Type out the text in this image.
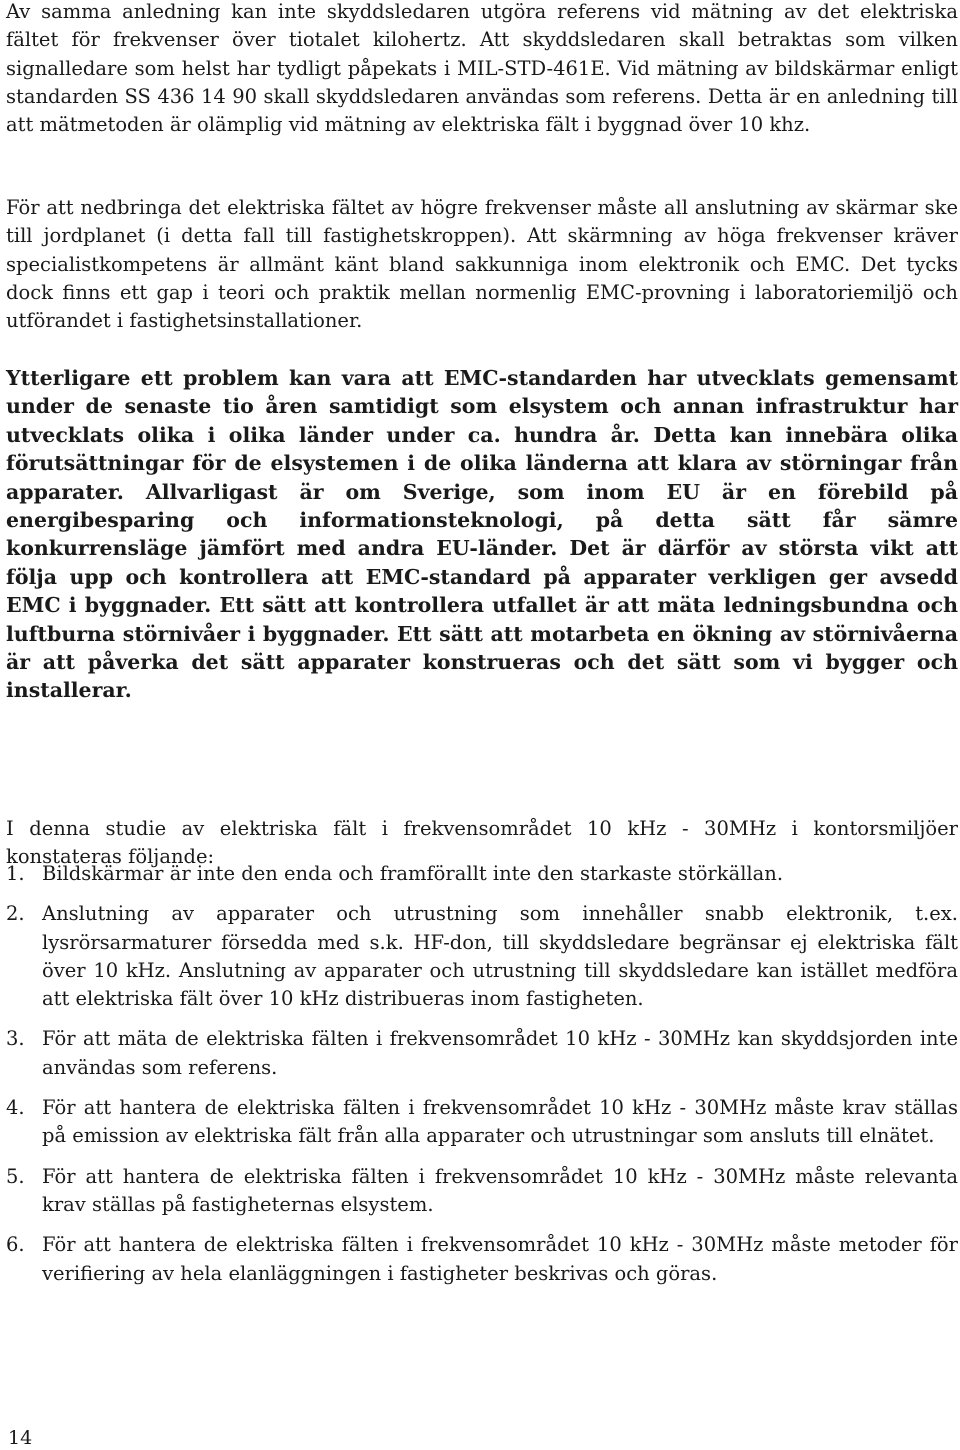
Av samma anledning kan inte skyddsledaren utgöra referens vid mätning av det elektriska fältet för frekvenser över tiotalet kilohertz. Att skyddsledaren skall betraktas som vilken signalledare som helst har tydligt påpekats i MIL-STD-461E. Vid mätning av bildskärmar enligt standarden SS 436 14 90 skall skyddsledaren användas som referens. Detta är en anledning till att mätmetoden är olämplig vid mätning av elektriska fält i byggnad över 10 khz.

För att nedbringa det elektriska fältet av högre frekvenser måste all anslutning av skärmar ske till jordplanet (i detta fall till fastighetskroppen). Att skärmning av höga frekvenser kräver specialistkompetens är allmänt känt bland sakkunniga inom elektronik och EMC. Det tycks dock finns ett gap i teori och praktik mellan normenlig EMC-provning i laboratoriemiljö och utförandet i fastighetsinstallationer.

Ytterligare ett problem kan vara att EMC-standarden har utvecklats gemensamt under de senaste tio åren samtidigt som elsystem och annan infrastruktur har utvecklats olika i olika länder under ca. hundra år. Detta kan innebära olika förutsättningar för de elsystemen i de olika länderna att klara av störningar från apparater. Allvarligast är om Sverige, som inom EU är en förebild på energibesparing och informationsteknologi, på detta sätt får sämre konkurrensläge jämfört med andra EU-länder. Det är därför av största vikt att följa upp och kontrollera att EMC-standard på apparater verkligen ger avsedd EMC i byggnader. Ett sätt att kontrollera utfallet är att mäta ledningsbundna och luftburna störnivåer i byggnader. Ett sätt att motarbeta en ökning av störnivåerna är att påverka det sätt apparater konstrueras och det sätt som vi bygger och installerar.

I denna studie av elektriska fält i frekvensområdet 10 kHz - 30MHz i kontorsmiljöer konstateras följande:

1. Bildskärmar är inte den enda och framförallt inte den starkaste störkällan.
2. Anslutning av apparater och utrustning som innehåller snabb elektronik, t.ex. lysrörsarmaturer försedda med s.k. HF-don, till skyddsledare begränsar ej elektriska fält över 10 kHz. Anslutning av apparater och utrustning till skyddsledare kan istället medföra att elektriska fält över 10 kHz distribueras inom fastigheten.
3. För att mäta de elektriska fälten i frekvensområdet 10 kHz - 30MHz kan skyddsjorden inte användas som referens.
4. För att hantera de elektriska fälten i frekvensområdet 10 kHz - 30MHz måste krav ställas på emission av elektriska fält från alla apparater och utrustningar som ansluts till elnätet.
5. För att hantera de elektriska fälten i frekvensområdet 10 kHz - 30MHz måste relevanta krav ställas på fastigheternas elsystem.
6. För att hantera de elektriska fälten i frekvensområdet 10 kHz - 30MHz måste metoder för verifiering av hela elanläggningen i fastigheter beskrivas och göras.
14
